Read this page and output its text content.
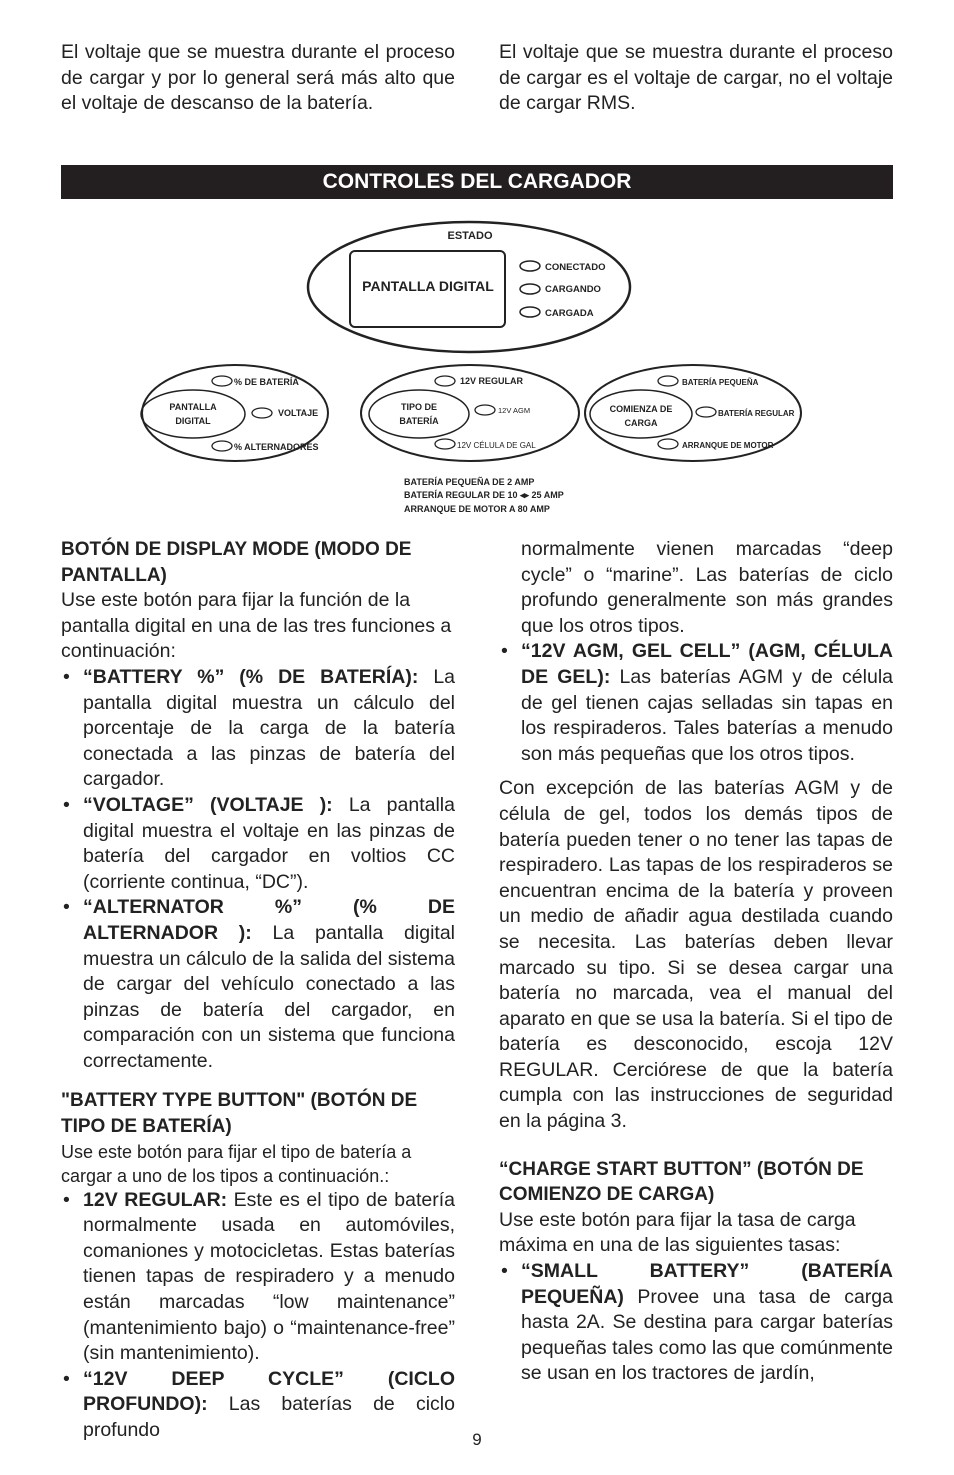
El voltaje que se muestra durante el proceso de cargar y por lo general será más alto que el voltaje de descanso de la batería.

El voltaje que se muestra durante el proceso de cargar es el voltaje de cargar, no el voltaje de cargar RMS.

CONTROLES DEL CARGADOR
ESTADO
PANTALLA DIGITAL
CONECTADO
CARGANDO
CARGADA
PANTALLA
DIGITAL
% DE BATERÍA
VOLTAJE
% ALTERNADORES
TIPO DE
BATERÍA
12V REGULAR
12V AGM
12V CÉLULA DE GAL
COMIENZA DE
CARGA
BATERÍA PEQUEÑA
BATERÍA REGULAR
ARRANQUE DE MOTOR
BATERÍA PEQUEÑA DE 2 AMP
BATERÍA REGULAR DE 10 ◂▸ 25 AMP
ARRANQUE DE MOTOR A 80 AMP

BOTÓN DE DISPLAY MODE (MODO DE PANTALLA)

Use este botón para fijar la función de la pantalla digital en una de las tres funciones a continuación:

• “BATTERY %” (% DE BATERÍA): La pantalla digital muestra un cálculo del porcentaje de la carga de la batería conectada a las pinzas de batería del cargador.
• “VOLTAGE” (VOLTAJE ): La pantalla digital muestra el voltaje en las pinzas de batería del cargador en voltios CC (corriente continua, “DC”).
• “ALTERNATOR %” (% DE ALTERNADOR ): La pantalla digital muestra un cálculo de la salida del sistema de cargar del vehículo conectado a las pinzas de batería del cargador, en comparación con un sistema que funciona correctamente.

"BATTERY TYPE BUTTON" (BOTÓN DE TIPO DE BATERÍA)

Use este botón para fijar el tipo de batería a cargar a uno de los tipos a continuación.:

• 12V REGULAR: Este es el tipo de batería normalmente usada en automóviles, comaniones y motocicletas. Estas baterías tienen tapas de respiradero y a menudo están marcadas “low maintenance” (mantenimiento bajo) o “maintenance-free” (sin mantenimiento).
• “12V DEEP CYCLE” (CICLO PROFUNDO): Las baterías de ciclo profundo

normalmente vienen marcadas “deep cycle” o “marine”. Las baterías de ciclo profundo generalmente son más grandes que los otros tipos.

• “12V AGM, GEL CELL” (AGM, CÉLULA DE GEL): Las baterías AGM y de célula de gel tienen cajas selladas sin tapas en los respiraderos. Tales baterías a menudo son más pequeñas que los otros tipos.

Con excepción de las baterías AGM y de célula de gel, todos los demás tipos de batería pueden tener o no tener las tapas de respiradero. Las tapas de los respiraderos se encuentran encima de la batería y proveen un medio de añadir agua destilada cuando se necesita. Las baterías deben llevar marcado su tipo. Si se desea cargar una batería no marcada, vea el manual del aparato en que se usa la batería. Si el tipo de batería es desconocido, escoja 12V REGULAR. Cerciórese de que la batería cumpla con las instrucciones de seguridad en la página 3.

“CHARGE START BUTTON” (BOTÓN DE COMIENZO DE CARGA)

Use este botón para fijar la tasa de carga máxima en una de las siguientes tasas:

• “SMALL BATTERY” (BATERÍA PEQUEÑA) Provee una tasa de carga hasta 2A. Se destina para cargar baterías pequeñas tales como las que comúnmente se usan en los tractores de jardín,
9
